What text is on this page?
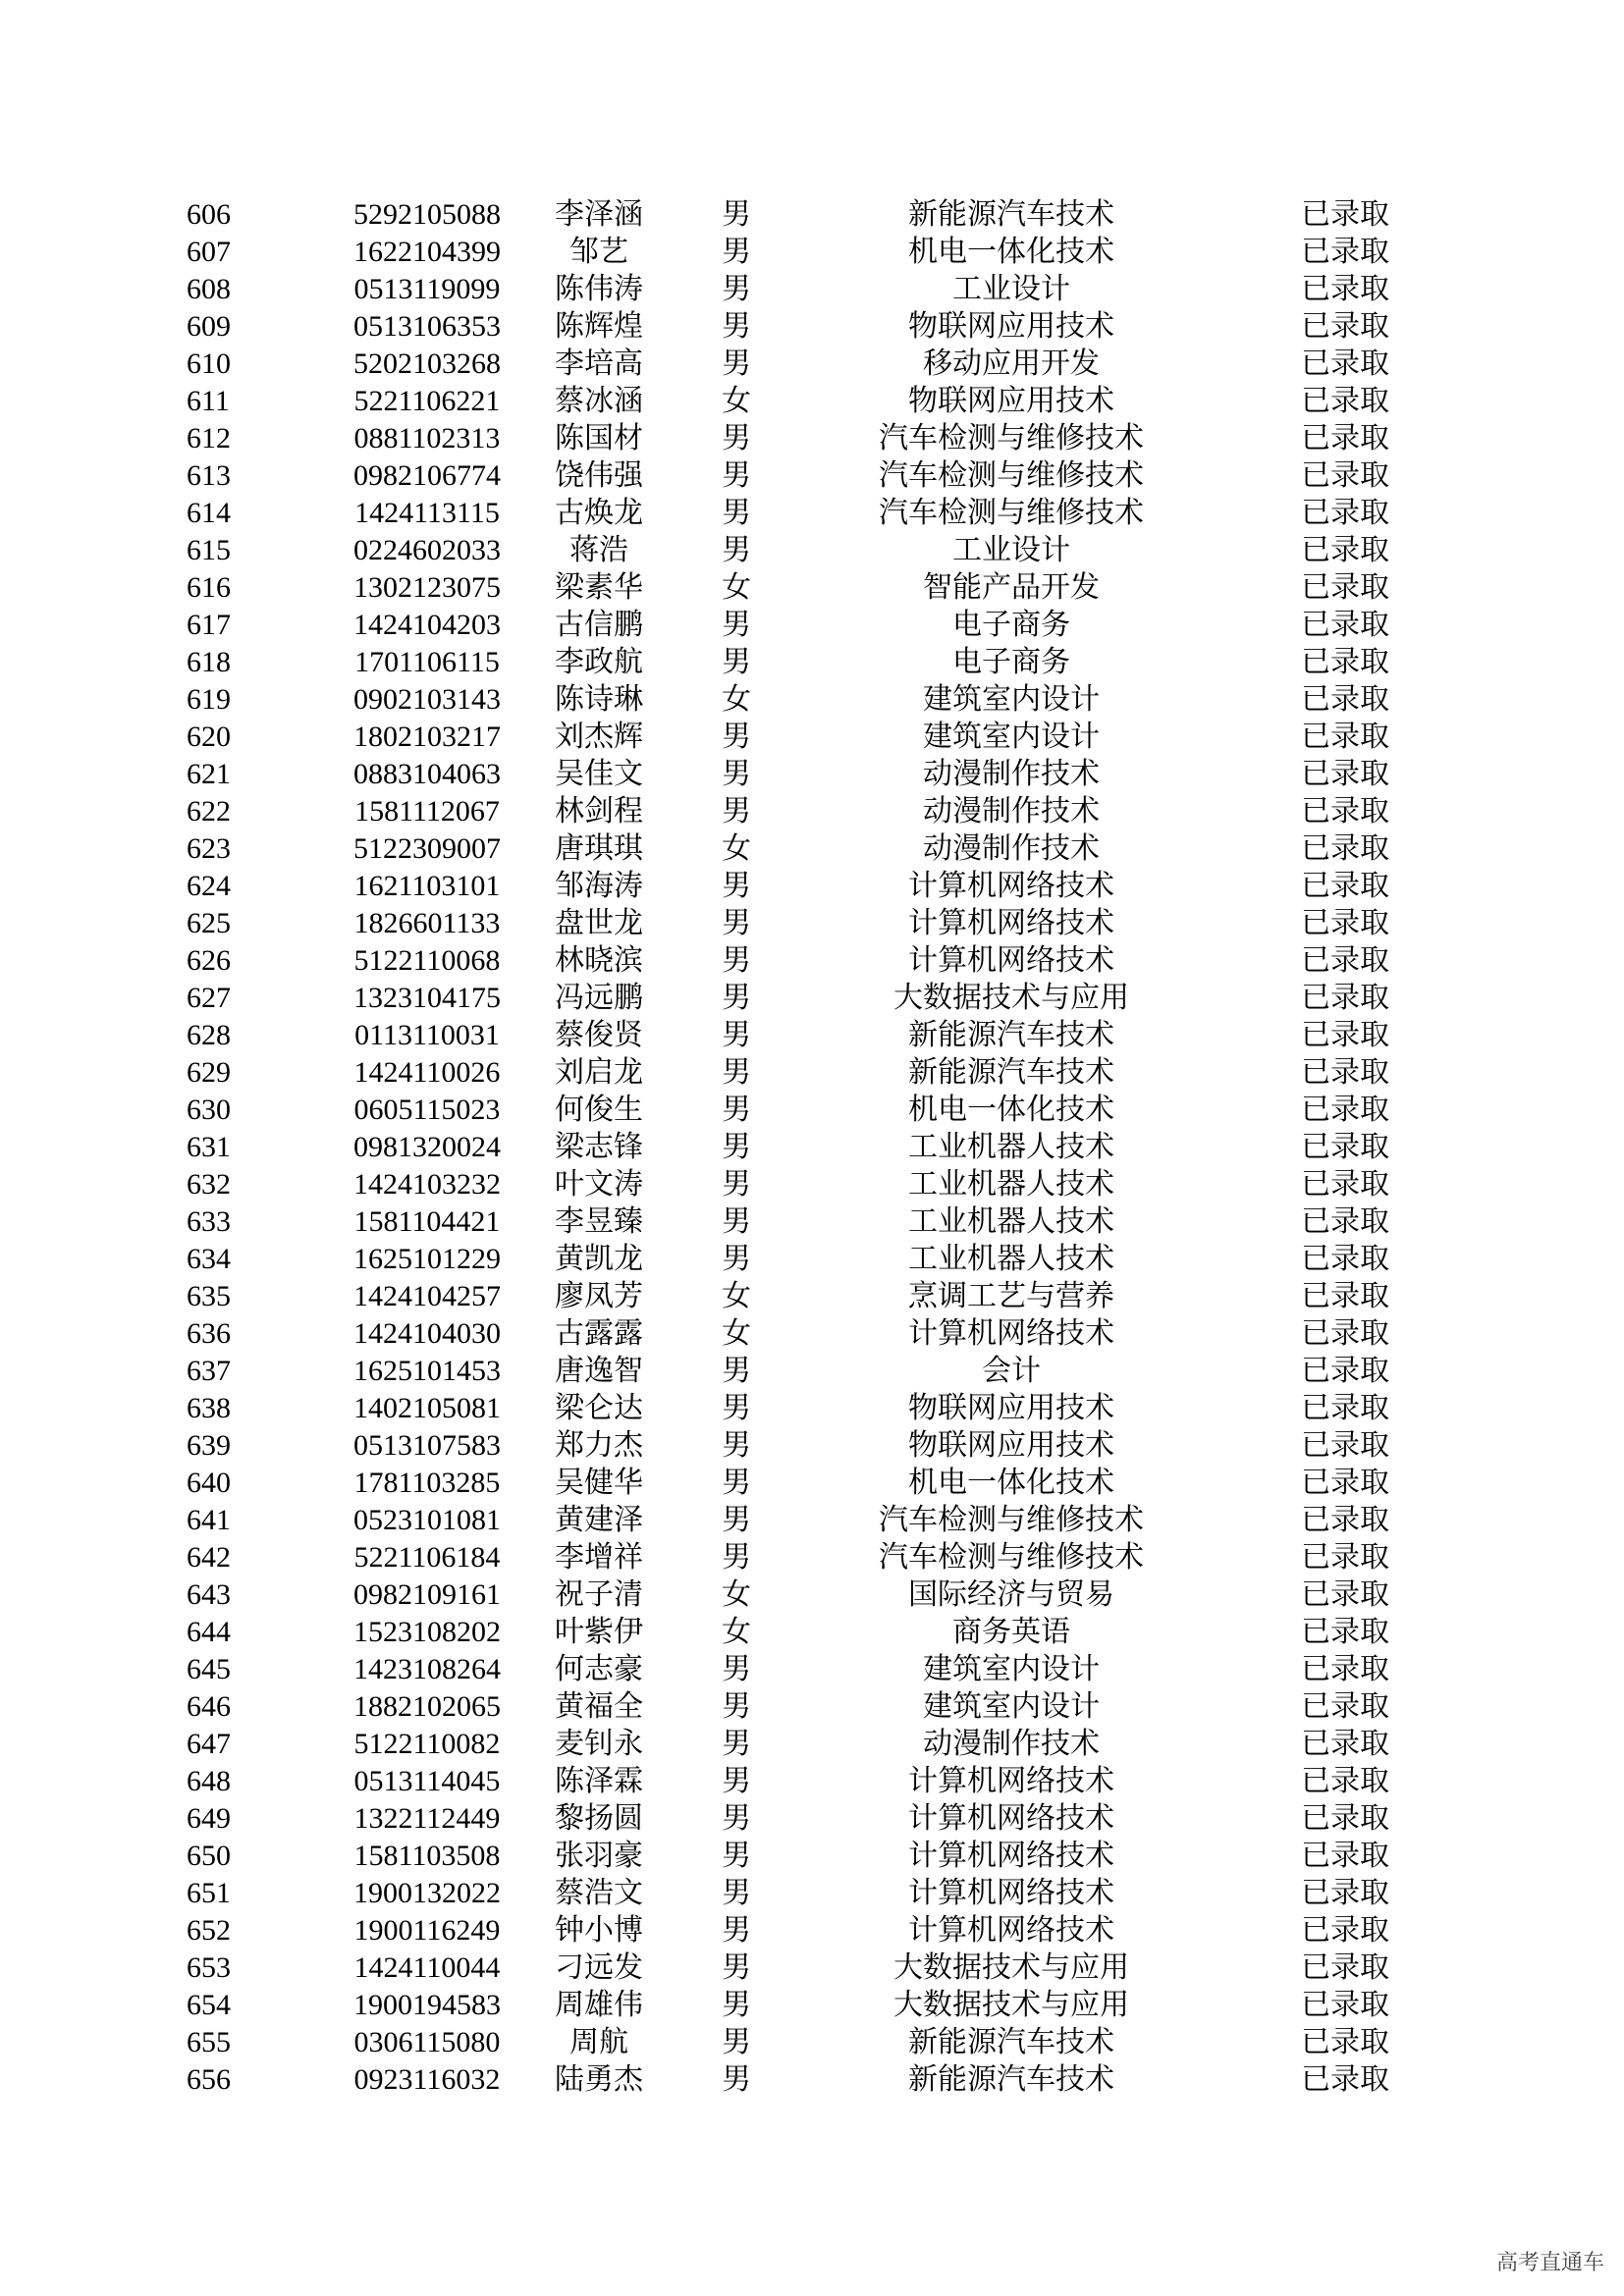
606	5292105088	李泽涵	男	新能源汽车技术	已录取
607	1622104399	邹艺	男	机电一体化技术	已录取
608	0513119099	陈伟涛	男	工业设计	已录取
609	0513106353	陈辉煌	男	物联网应用技术	已录取
610	5202103268	李培高	男	移动应用开发	已录取
611	5221106221	蔡冰涵	女	物联网应用技术	已录取
612	0881102313	陈国材	男	汽车检测与维修技术	已录取
613	0982106774	饶伟强	男	汽车检测与维修技术	已录取
614	1424113115	古焕龙	男	汽车检测与维修技术	已录取
615	0224602033	蒋浩	男	工业设计	已录取
616	1302123075	梁素华	女	智能产品开发	已录取
617	1424104203	古信鹏	男	电子商务	已录取
618	1701106115	李政航	男	电子商务	已录取
619	0902103143	陈诗琳	女	建筑室内设计	已录取
620	1802103217	刘杰辉	男	建筑室内设计	已录取
621	0883104063	吴佳文	男	动漫制作技术	已录取
622	1581112067	林剑程	男	动漫制作技术	已录取
623	5122309007	唐琪琪	女	动漫制作技术	已录取
624	1621103101	邹海涛	男	计算机网络技术	已录取
625	1826601133	盘世龙	男	计算机网络技术	已录取
626	5122110068	林晓滨	男	计算机网络技术	已录取
627	1323104175	冯远鹏	男	大数据技术与应用	已录取
628	0113110031	蔡俊贤	男	新能源汽车技术	已录取
629	1424110026	刘启龙	男	新能源汽车技术	已录取
630	0605115023	何俊生	男	机电一体化技术	已录取
631	0981320024	梁志锋	男	工业机器人技术	已录取
632	1424103232	叶文涛	男	工业机器人技术	已录取
633	1581104421	李昱臻	男	工业机器人技术	已录取
634	1625101229	黄凯龙	男	工业机器人技术	已录取
635	1424104257	廖凤芳	女	烹调工艺与营养	已录取
636	1424104030	古露露	女	计算机网络技术	已录取
637	1625101453	唐逸智	男	会计	已录取
638	1402105081	梁仑达	男	物联网应用技术	已录取
639	0513107583	郑力杰	男	物联网应用技术	已录取
640	1781103285	吴健华	男	机电一体化技术	已录取
641	0523101081	黄建泽	男	汽车检测与维修技术	已录取
642	5221106184	李增祥	男	汽车检测与维修技术	已录取
643	0982109161	祝子清	女	国际经济与贸易	已录取
644	1523108202	叶紫伊	女	商务英语	已录取
645	1423108264	何志豪	男	建筑室内设计	已录取
646	1882102065	黄福全	男	建筑室内设计	已录取
647	5122110082	麦钊永	男	动漫制作技术	已录取
648	0513114045	陈泽霖	男	计算机网络技术	已录取
649	1322112449	黎扬圆	男	计算机网络技术	已录取
650	1581103508	张羽豪	男	计算机网络技术	已录取
651	1900132022	蔡浩文	男	计算机网络技术	已录取
652	1900116249	钟小博	男	计算机网络技术	已录取
653	1424110044	刁远发	男	大数据技术与应用	已录取
654	1900194583	周雄伟	男	大数据技术与应用	已录取
655	0306115080	周航	男	新能源汽车技术	已录取
656	0923116032	陆勇杰	男	新能源汽车技术	已录取
高考直通车
